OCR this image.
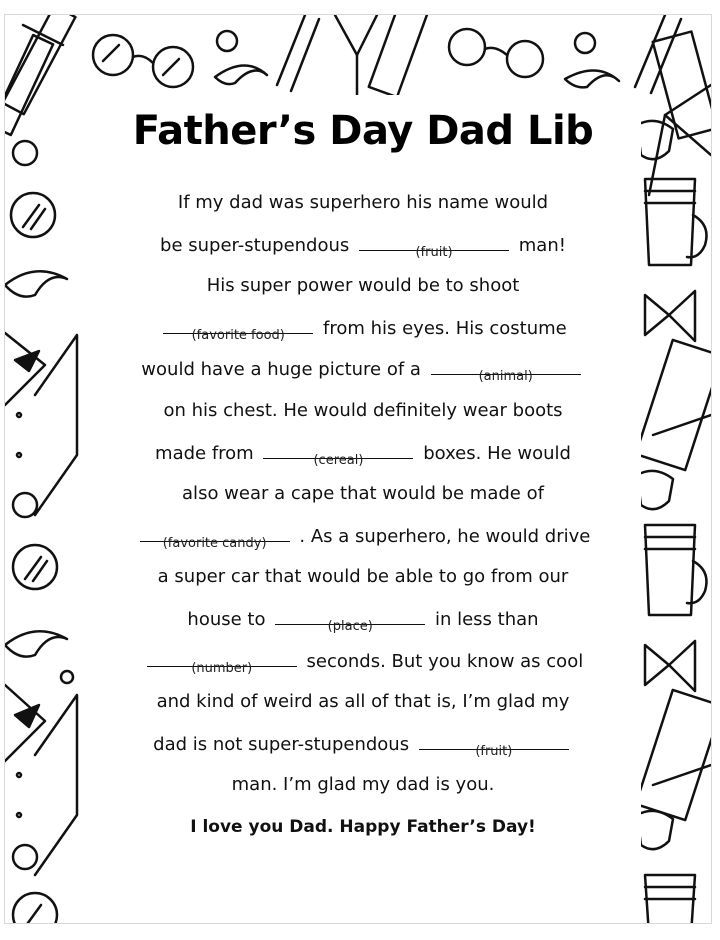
Father’s Day Dad Lib
If my dad was superhero his name would
be super-stupendous	(fruit)	man!
His super power would be to shoot
(favorite food)	from his eyes. His costume
would have a huge picture of a	(animal)
on his chest. He would definitely wear boots
made from	(cereal)	boxes. He would
also wear a cape that would be made of
(favorite candy)	. As a superhero, he would drive
a super car that would be able to go from our
house to	(place)	in less than
(number)	seconds. But you know as cool
and kind of weird as all of that is, I’m glad my
dad is not super-stupendous	(fruit)
man. I’m glad my dad is you.
I love you Dad. Happy Father’s Day!
